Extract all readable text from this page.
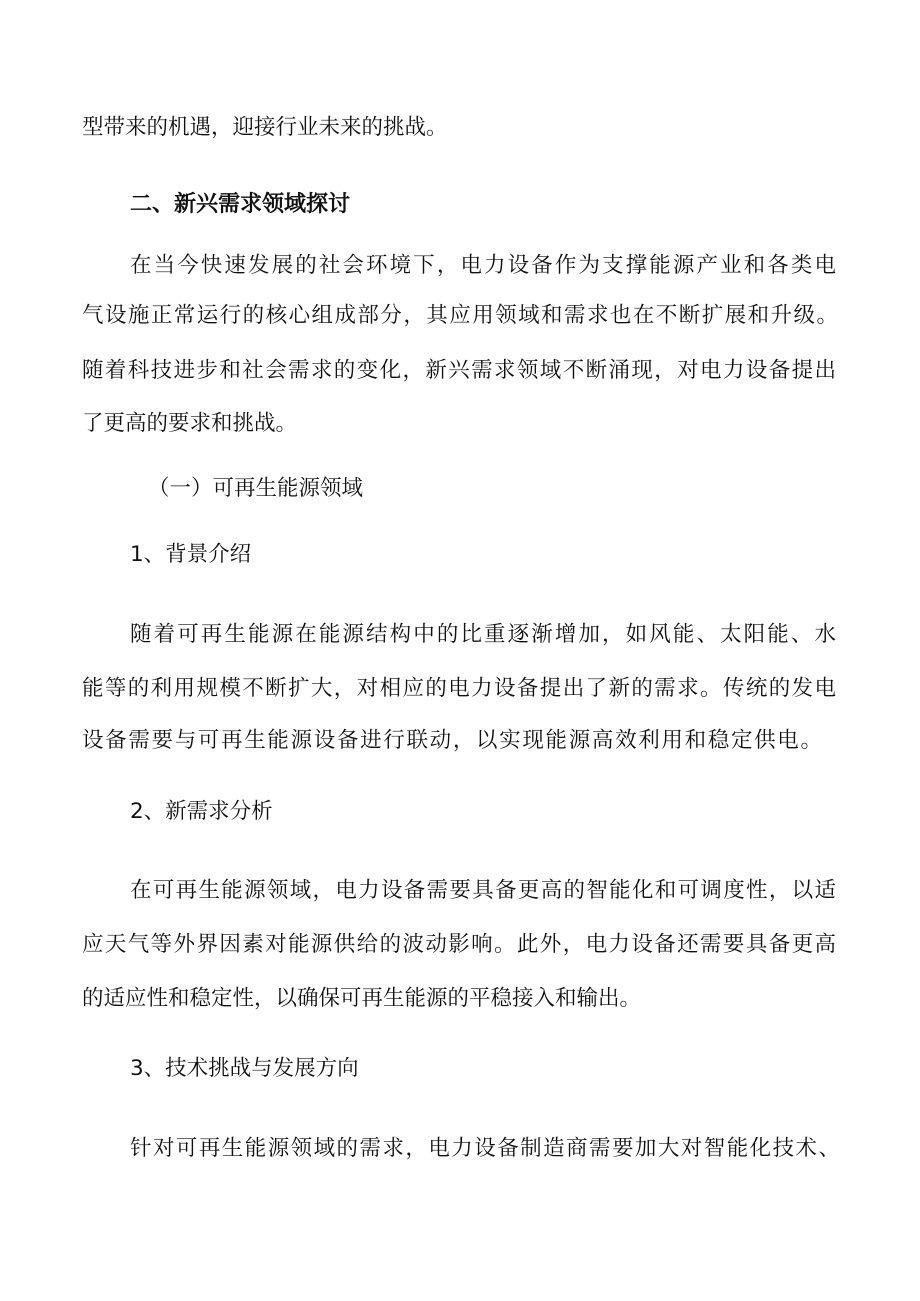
型带来的机遇，迎接行业未来的挑战。

二、新兴需求领域探讨

在当今快速发展的社会环境下，电力设备作为支撑能源产业和各类电

气设施正常运行的核心组成部分，其应用领域和需求也在不断扩展和升级。

随着科技进步和社会需求的变化，新兴需求领域不断涌现，对电力设备提出

了更高的要求和挑战。

（一）可再生能源领域

1、背景介绍

随着可再生能源在能源结构中的比重逐渐增加，如风能、太阳能、水

能等的利用规模不断扩大，对相应的电力设备提出了新的需求。传统的发电

设备需要与可再生能源设备进行联动，以实现能源高效利用和稳定供电。

2、新需求分析

在可再生能源领域，电力设备需要具备更高的智能化和可调度性，以适

应天气等外界因素对能源供给的波动影响。此外，电力设备还需要具备更高

的适应性和稳定性，以确保可再生能源的平稳接入和输出。

3、技术挑战与发展方向

针对可再生能源领域的需求，电力设备制造商需要加大对智能化技术、
